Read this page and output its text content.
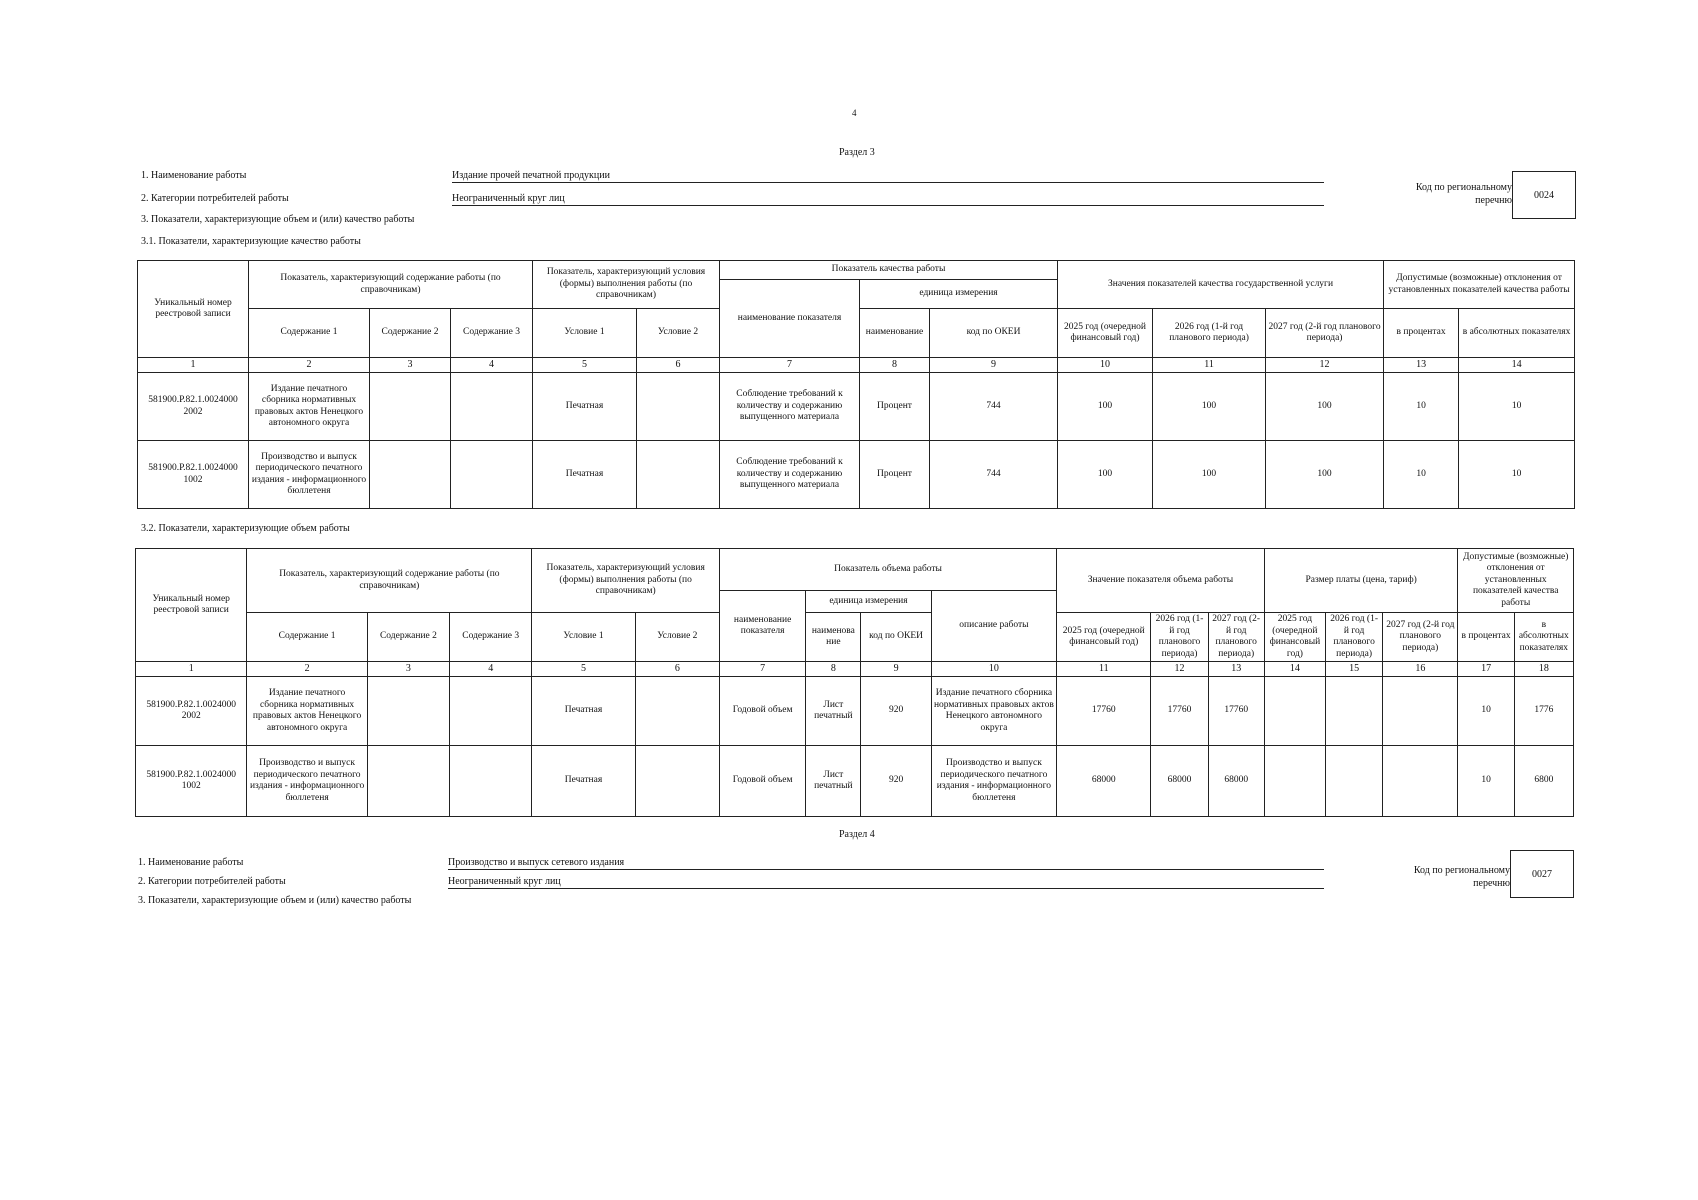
4
Раздел 3
1. Наименование работы	Издание прочей печатной продукции
2. Категории потребителей работы	Неограниченный круг лиц
3. Показатели, характеризующие объем и (или) качество работы
3.1. Показатели, характеризующие качество работы
Код по региональному перечню	0024
Уникальный номер реестровой записи	Показатель, характеризующий содержание работы (по справочникам)			Показатель, характеризующий условия (формы) выполнения работы (по справочникам)		Показатель качества работы			Значения показателей качества государственной услуги			Допустимые (возможные) отклонения от установленных показателей качества работы	
						наименование показателя	единица измерения						
	Содержание 1	Содержание 2	Содержание 3	Условие 1	Условие 2		наименование	код по ОКЕИ	2025 год (очередной финансовый год)	2026 год (1-й год планового периода)	2027 год (2-й год планового периода)	в процентах	в абсолютных показателях
1	2	3	4	5	6	7	8	9	10	11	12	13	14
581900.Р.82.1.0024000 2002	Издание печатного сборника нормативных правовых актов Ненецкого автономного округа			Печатная		Соблюдение требований к количеству и содержанию выпущенного материала	Процент	744	100	100	100	10	10
581900.Р.82.1.0024000 1002	Производство и выпуск периодического печатного издания - информационного бюллетеня			Печатная		Соблюдение требований к количеству и содержанию выпущенного материала	Процент	744	100	100	100	10	10
3.2. Показатели, характеризующие объем работы
Уникальный номер реестровой записи	Показатель, характеризующий содержание работы (по справочникам)			Показатель, характеризующий условия (формы) выполнения работы (по справочникам)		Показатель объема работы				Значение показателя объема работы			Размер платы (цена, тариф)			Допустимые (возможные) отклонения от установленных показателей качества работы	
						наименование показателя	единица измерения		описание работы								
	Содержание 1	Содержание 2	Содержание 3	Условие 1	Условие 2		наименова ние	код по ОКЕИ		2025 год (очередной финансовый год)	2026 год (1-й год планового периода)	2027 год (2-й год планового периода)	2025 год (очередной финансовый год)	2026 год (1-й год планового периода)	2027 год (2-й год планового периода)	в процентах	в абсолютных показателях
1	2	3	4	5	6	7	8	9	10	11	12	13	14	15	16	17	18
581900.Р.82.1.0024000 2002	Издание печатного сборника нормативных правовых актов Ненецкого автономного округа			Печатная		Годовой объем	Лист печатный	920	Издание печатного сборника нормативных правовых актов Ненецкого автономного округа	17760	17760	17760				10	1776
581900.Р.82.1.0024000 1002	Производство и выпуск периодического печатного издания - информационного бюллетеня			Печатная		Годовой объем	Лист печатный	920	Производство и выпуск периодического печатного издания - информационного бюллетеня	68000	68000	68000				10	6800
Раздел 4
1. Наименование работы	Производство и выпуск сетевого издания
2. Категории потребителей работы	Неограниченный круг лиц
3. Показатели, характеризующие объем и (или) качество работы
Код по региональному перечню
0027
